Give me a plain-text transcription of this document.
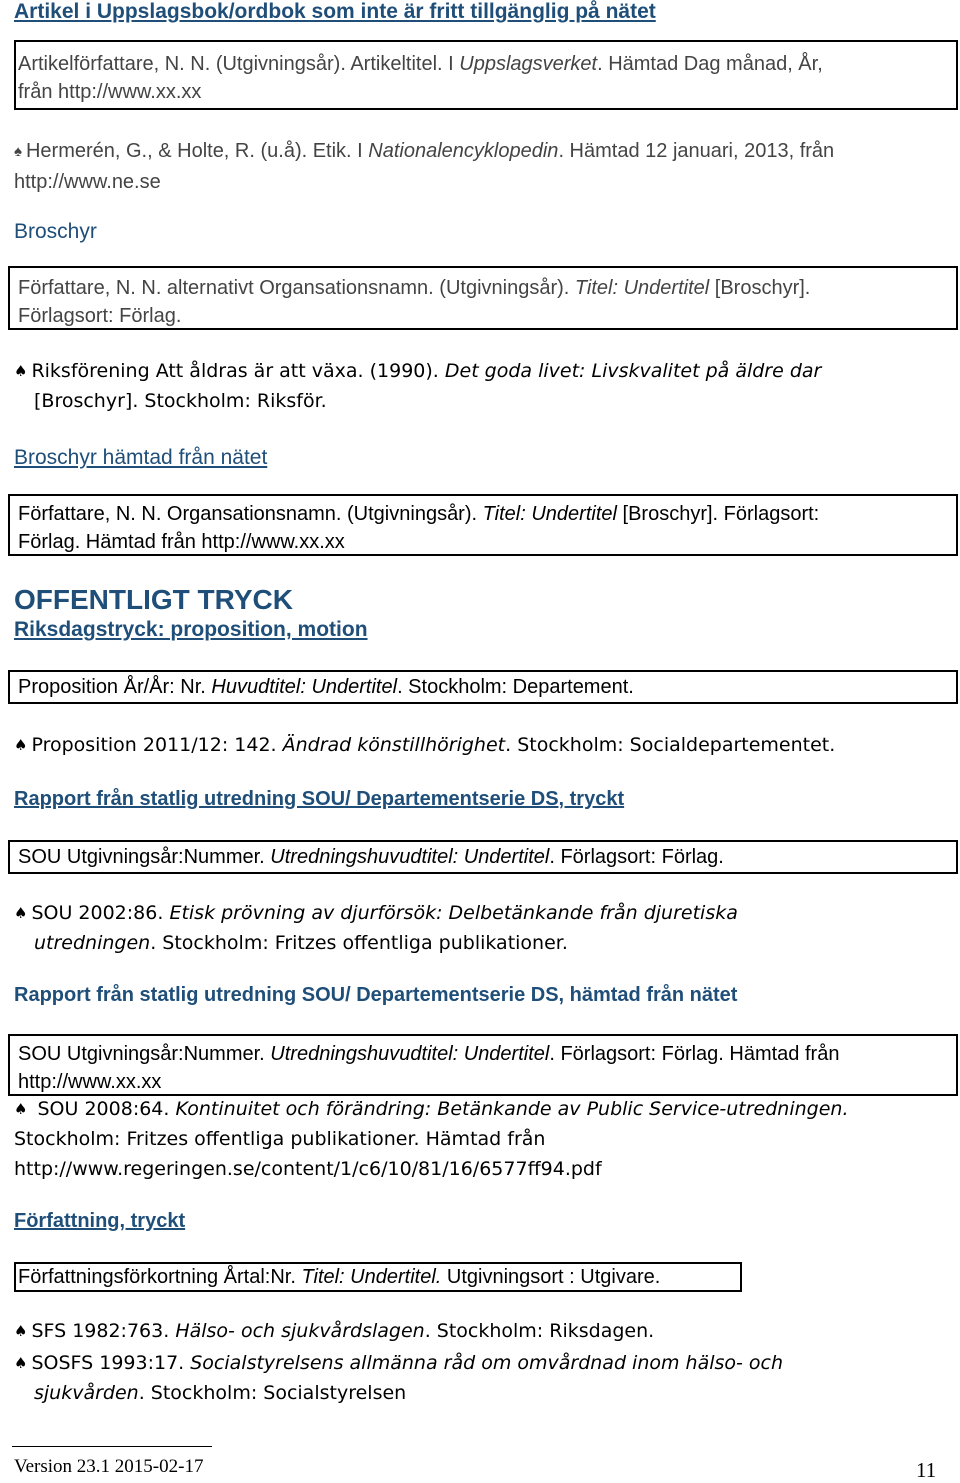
Artikel i Uppslagsbok/ordbok som inte är fritt tillgänglig på nätet
Artikelförfattare, N. N. (Utgivningsår). Artikeltitel. I Uppslagsverket. Hämtad Dag månad, År,
från http://www.xx.xx
♠ Hermerén, G., & Holte, R. (u.å). Etik. I Nationalencyklopedin. Hämtad 12 januari, 2013, från
http://www.ne.se
Broschyr
Författare, N. N. alternativt Organsationsnamn. (Utgivningsår). Titel: Undertitel [Broschyr].
Förlagsort: Förlag.
♠ Riksförening Att åldras är att växa. (1990). Det goda livet: Livskvalitet på äldre dar
[Broschyr]. Stockholm: Riksför.
Broschyr hämtad från nätet
Författare, N. N. Organsationsnamn. (Utgivningsår). Titel: Undertitel [Broschyr]. Förlagsort:
Förlag. Hämtad från http://www.xx.xx
OFFENTLIGT TRYCK
Riksdagstryck: proposition, motion
Proposition År/År: Nr. Huvudtitel: Undertitel. Stockholm: Departement.
♠ Proposition 2011/12: 142. Ändrad könstillhörighet. Stockholm: Socialdepartementet.
Rapport från statlig utredning SOU/ Departementserie DS, tryckt
SOU Utgivningsår:Nummer. Utredningshuvudtitel: Undertitel. Förlagsort: Förlag.
♠ SOU 2002:86. Etisk prövning av djurförsök: Delbetänkande från djuretiska
utredningen. Stockholm: Fritzes offentliga publikationer.
Rapport från statlig utredning SOU/ Departementserie DS, hämtad från nätet
SOU Utgivningsår:Nummer. Utredningshuvudtitel: Undertitel. Förlagsort: Förlag. Hämtad från
http://www.xx.xx
♠ SOU 2008:64. Kontinuitet och förändring: Betänkande av Public Service-utredningen.
Stockholm: Fritzes offentliga publikationer. Hämtad från
http://www.regeringen.se/content/1/c6/10/81/16/6577ff94.pdf
Författning, tryckt
Författningsförkortning Årtal:Nr. Titel: Undertitel. Utgivningsort : Utgivare.
♠ SFS 1982:763. Hälso- och sjukvårdslagen. Stockholm: Riksdagen.
♠ SOSFS 1993:17. Socialstyrelsens allmänna råd om omvårdnad inom hälso- och
sjukvården. Stockholm: Socialstyrelsen
Version 23.1 2015-02-17	11
